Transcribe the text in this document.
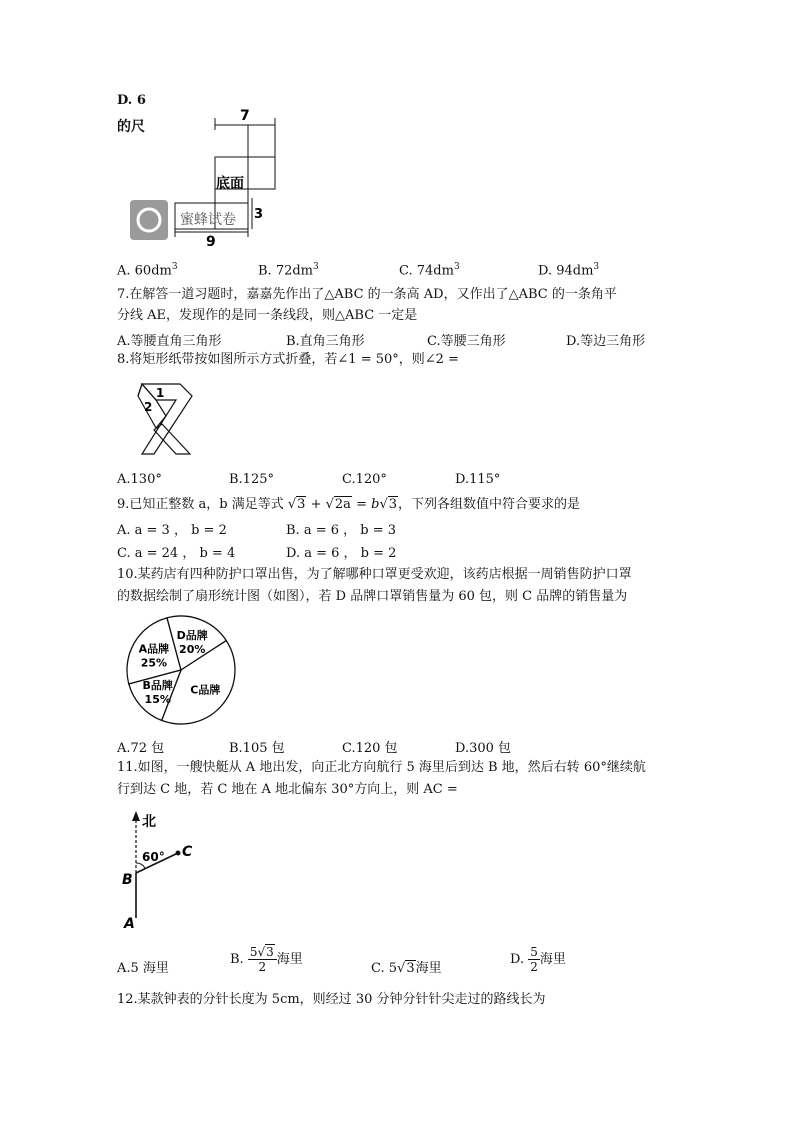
D. 6
的尺
7
底面
3
9
蜜蜂试卷
A. $60dm^3$	B. $72dm^3$	C. $74dm^3$	D. $94dm^3$
7.在解答一道习题时，嘉嘉先作出了△ABC 的一条高 AD，又作出了△ABC 的一条角平
分线 AE，发现作的是同一条线段，则△ABC 一定是
A.等腰直角三角形	B.直角三角形	C.等腰三角形	D.等边三角形
8.将矩形纸带按如图所示方式折叠，若∠1 = 50°，则∠2 =
1
2
A.130°	B.125°	C.120°	D.115°
9.已知正整数 a，b 满足等式 √3 + √2a = b√3，下列各组数值中符合要求的是
A. a = 3 ， b = 2	B. a = 6 ， b = 3
C. a = 24 ， b = 4	D. a = 6 ， b = 2
10.某药店有四种防护口罩出售，为了解哪种口罩更受欢迎，该药店根据一周销售防护口罩
的数据绘制了扇形统计图（如图），若 D 品牌口罩销售量为 60 包，则 C 品牌的销售量为
A品牌
25%
D品牌
20%
C品牌
B品牌
15%
A.72 包	B.105 包	C.120 包	D.300 包
11.如图，一艘快艇从 A 地出发，向正北方向航行 5 海里后到达 B 地，然后右转 60°继续航
行到达 C 地，若 C 地在 A 地北偏东 30°方向上，则 AC =
北
60° C
B
A
A.5 海里
B. $\frac{5√3}{2}$ 海里
C. 5√3海里
D. $\frac{5}{2}$ 海里
12.某款钟表的分针长度为 5cm，则经过 30 分钟分针针尖走过的路线长为
